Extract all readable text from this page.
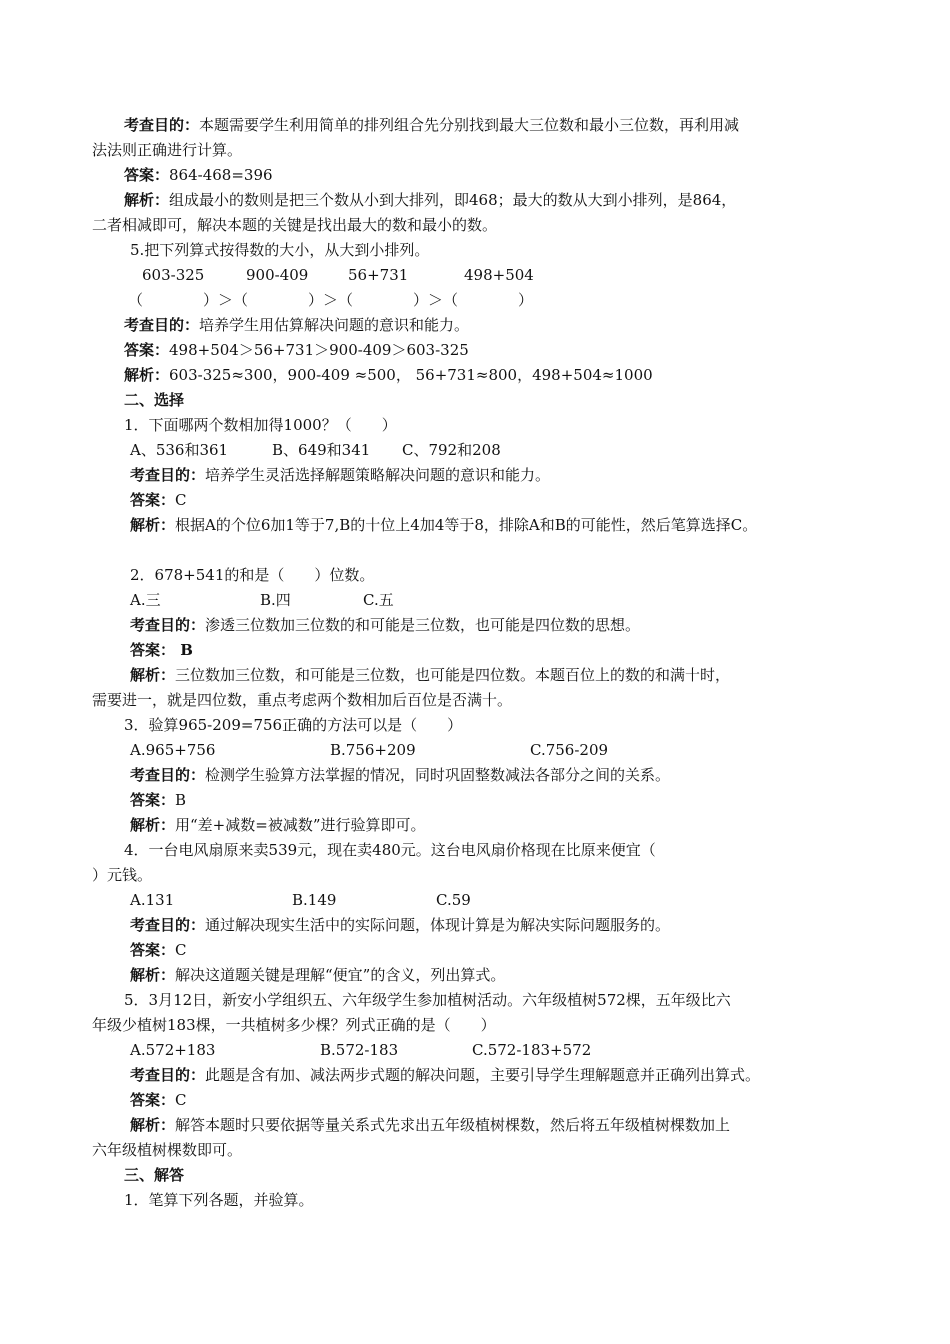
考查目的：本题需要学生利用简单的排列组合先分别找到最大三位数和最小三位数，再利用减
法法则正确进行计算。
答案：864-468=396
解析：组成最小的数则是把三个数从小到大排列，即468；最大的数从大到小排列，是864，
二者相减即可，解决本题的关键是找出最大的数和最小的数。
5.把下列算式按得数的大小，从大到小排列。
603-325	900-409	56+731	498+504
（　　　　）＞（　　　　）＞（　　　　）＞（　　　　）
考查目的：培养学生用估算解决问题的意识和能力。
答案：498+504＞56+731＞900-409＞603-325
解析：603-325≈300，900-409 ≈500， 56+731≈800，498+504≈1000
二、选择
1．下面哪两个数相加得1000？（　　）
A、536和361	B、649和341 C、792和208
考查目的：培养学生灵活选择解题策略解决问题的意识和能力。
答案：C
解析：根据A的个位6加1等于7,B的十位上4加4等于8，排除A和B的可能性，然后笔算选择C。
2．678+541的和是（　　）位数。
A.三	B.四	C.五
考查目的：渗透三位数加三位数的和可能是三位数，也可能是四位数的思想。
答案： B
解析：三位数加三位数，和可能是三位数，也可能是四位数。本题百位上的数的和满十时，
需要进一，就是四位数，重点考虑两个数相加后百位是否满十。
3．验算965-209=756正确的方法可以是（　　）
A.965+756	B.756+209	C.756-209
考查目的：检测学生验算方法掌握的情况，同时巩固整数减法各部分之间的关系。
答案：B
解析：用“差+减数=被减数”进行验算即可。
4．一台电风扇原来卖539元，现在卖480元。这台电风扇价格现在比原来便宜（
）元钱。
A.131	B.149	C.59
考查目的：通过解决现实生活中的实际问题，体现计算是为解决实际问题服务的。
答案：C
解析：解决这道题关键是理解“便宜”的含义，列出算式。
5．3月12日，新安小学组织五、六年级学生参加植树活动。六年级植树572棵，五年级比六
年级少植树183棵，一共植树多少棵？列式正确的是（　　）
A.572+183	B.572-183	C.572-183+572
考查目的：此题是含有加、减法两步式题的解决问题，主要引导学生理解题意并正确列出算式。
答案：C
解析：解答本题时只要依据等量关系式先求出五年级植树棵数，然后将五年级植树棵数加上
六年级植树棵数即可。
三、解答
1．笔算下列各题，并验算。
